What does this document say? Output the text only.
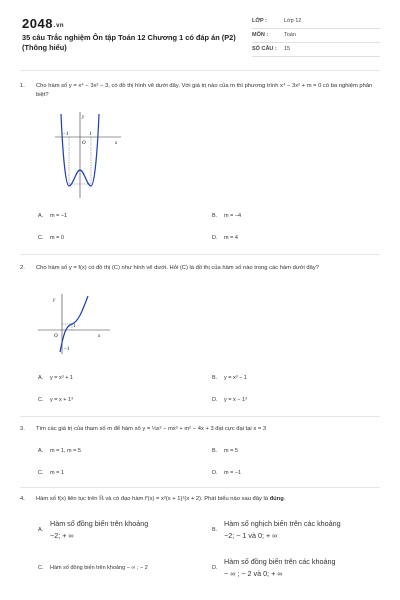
2048.vn
35 câu Trắc nghiệm Ôn tập Toán 12 Chương 1 có đáp án (P2) (Thông hiểu)
LỚP :	Lớp 12
MÔN :	Toán
SỐ CÂU : 15
1. Cho hàm số y = x⁴ − 3x² − 3, có đồ thị hình vẽ dưới đây. Với giá trị nào của m thì phương trình x⁴ − 3x² + m = 0 có ba nghiệm phân biệt?
y
x
O
−1	1
A. m = −1	B. m = −4
C. m = 0	D. m = 4
2. Cho hàm số y = f(x) có đồ thị (C) như hình vẽ dưới. Hỏi (C) là đồ thị của hàm số nào trong các hàm dưới đây?
y
x
O
1
−1
A. y = x³ + 1	B. y = x³ − 1
C. y = x + 1³	D. y = x − 1³
3. Tìm các giá trị của tham số m để hàm số y = ⅓x³ − mx² + m² − 4x + 3 đạt cực đại tại x = 3
A. m = 1, m = 5	B. m = 5
C. m = 1	D. m = −1
4. Hàm số f(x) liên tục trên ℝ và có đạo hàm f′(x) = x²(x + 1)²(x + 2). Phát biểu nào sau đây là đúng.
A.
Hàm số đồng biến trên khoảng
−2; + ∞
B.
Hàm số nghịch biến trên các khoảng
−2; − 1 và 0; + ∞
C. Hàm số đồng biến trên khoảng − ∞ ; − 2	D.
Hàm số đồng biến trên các khoảng
− ∞ ; − 2 và 0; + ∞
